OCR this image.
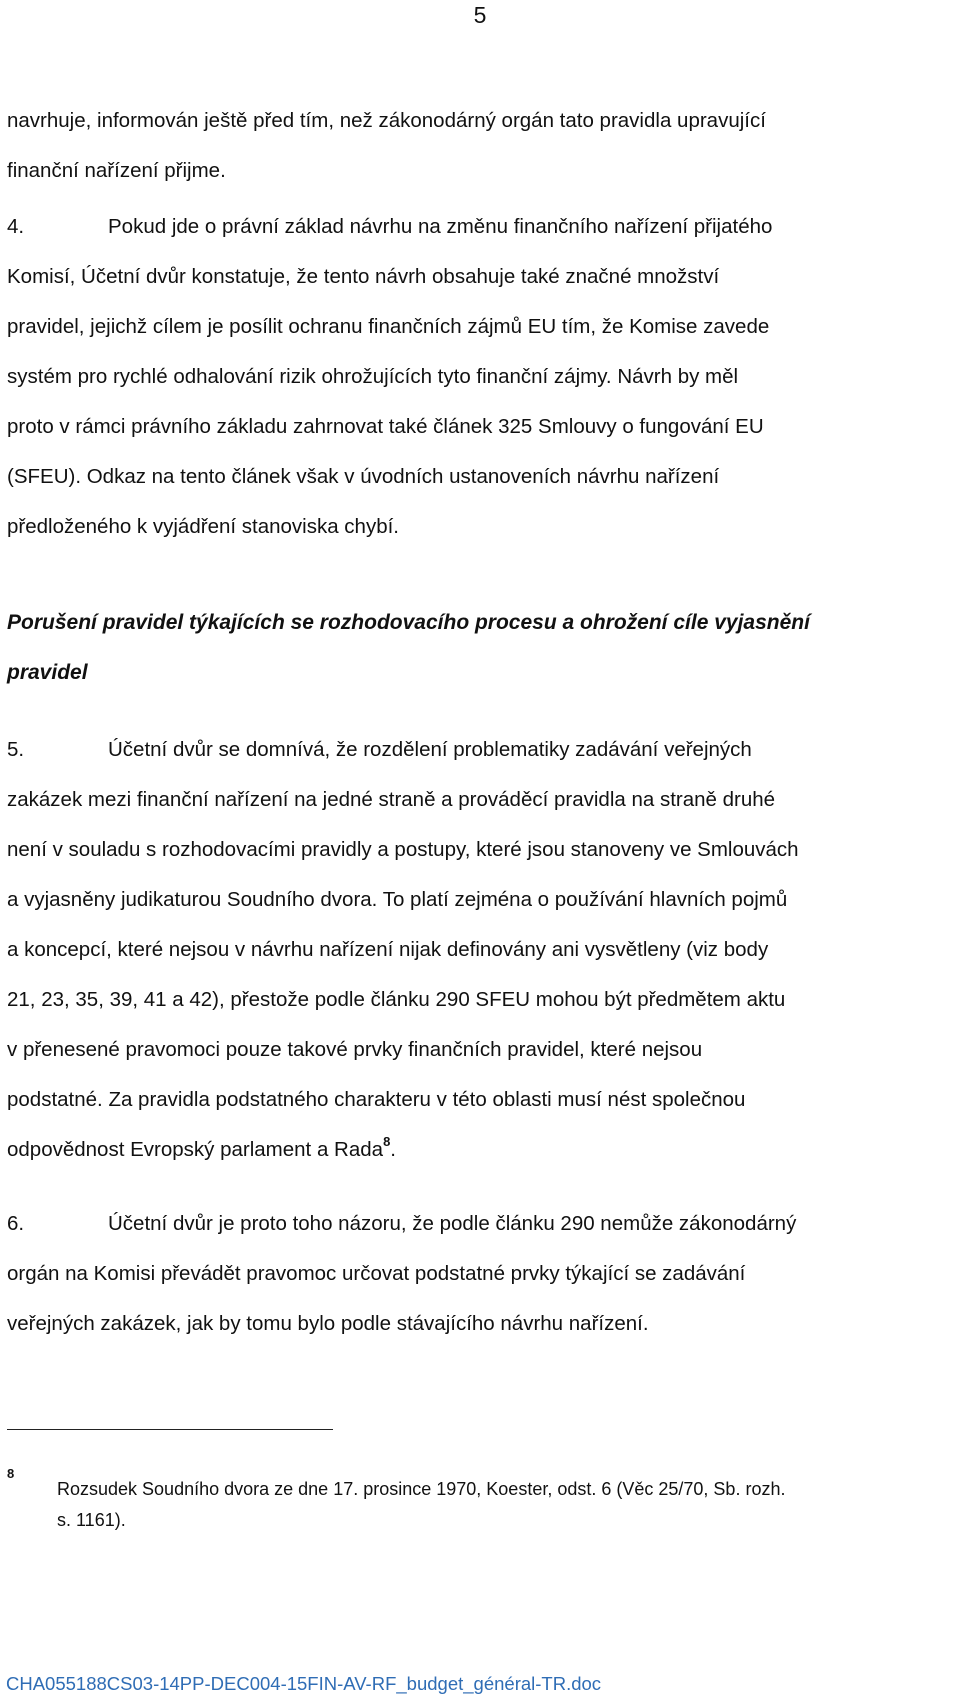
5
navrhuje, informován ještě před tím, než zákonodárný orgán tato pravidla upravující
finanční nařízení přijme.
4.	Pokud jde o právní základ návrhu na změnu finančního nařízení přijatého
Komisí, Účetní dvůr konstatuje, že tento návrh obsahuje také značné množství
pravidel, jejichž cílem je posílit ochranu finančních zájmů EU tím, že Komise zavede
systém pro rychlé odhalování rizik ohrožujících tyto finanční zájmy. Návrh by měl
proto v rámci právního základu zahrnovat také článek 325 Smlouvy o fungování EU
(SFEU). Odkaz na tento článek však v úvodních ustanoveních návrhu nařízení
předloženého k vyjádření stanoviska chybí.
Porušení pravidel týkajících se rozhodovacího procesu a ohrožení cíle vyjasnění
pravidel
5.	Účetní dvůr se domnívá, že rozdělení problematiky zadávání veřejných
zakázek mezi finanční nařízení na jedné straně a prováděcí pravidla na straně druhé
není v souladu s rozhodovacími pravidly a postupy, které jsou stanoveny ve Smlouvách
a vyjasněny judikaturou Soudního dvora. To platí zejména o používání hlavních pojmů
a koncepcí, které nejsou v návrhu nařízení nijak definovány ani vysvětleny (viz body
21, 23, 35, 39, 41 a 42), přestože podle článku 290 SFEU mohou být předmětem aktu
v přenesené pravomoci pouze takové prvky finančních pravidel, které nejsou
podstatné. Za pravidla podstatného charakteru v této oblasti musí nést společnou
odpovědnost Evropský parlament a Rada$^8$.
6.	Účetní dvůr je proto toho názoru, že podle článku 290 nemůže zákonodárný
orgán na Komisi převádět pravomoc určovat podstatné prvky týkající se zadávání
veřejných zakázek, jak by tomu bylo podle stávajícího návrhu nařízení.
8
Rozsudek Soudního dvora ze dne 17. prosince 1970, Koester, odst. 6 (Věc 25/70, Sb. rozh.
s. 1161).
CHA055188CS03-14PP-DEC004-15FIN-AV-RF_budget_général-TR.doc
